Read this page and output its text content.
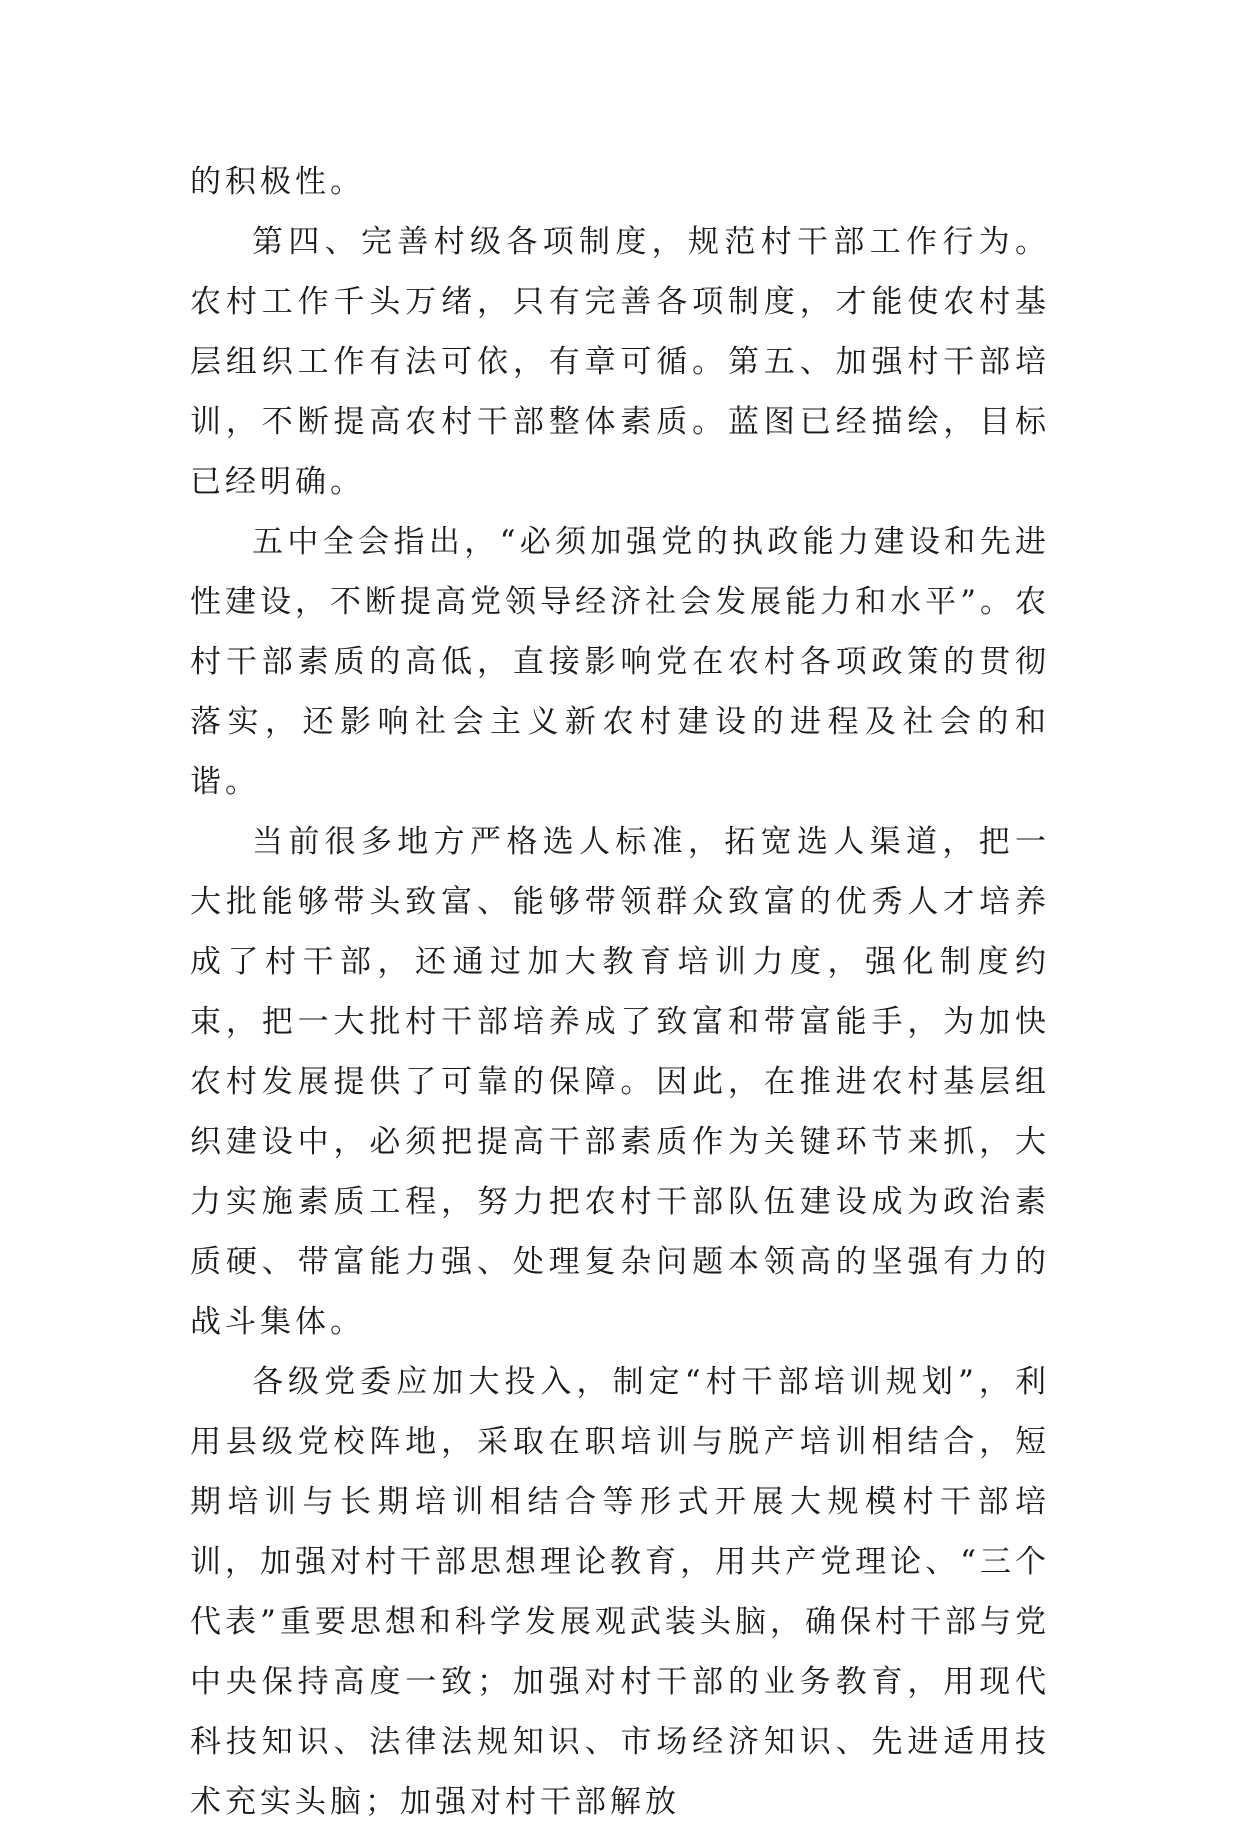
的积极性。

第四、完善村级各项制度，规范村干部工作行为。农村工作千头万绪，只有完善各项制度，才能使农村基层组织工作有法可依，有章可循。第五、加强村干部培训，不断提高农村干部整体素质。蓝图已经描绘，目标已经明确。

五中全会指出，“必须加强党的执政能力建设和先进性建设，不断提高党领导经济社会发展能力和水平”。农村干部素质的高低，直接影响党在农村各项政策的贯彻落实，还影响社会主义新农村建设的进程及社会的和谐。

当前很多地方严格选人标准，拓宽选人渠道，把一大批能够带头致富、能够带领群众致富的优秀人才培养成了村干部，还通过加大教育培训力度，强化制度约束，把一大批村干部培养成了致富和带富能手，为加快农村发展提供了可靠的保障。因此，在推进农村基层组织建设中，必须把提高干部素质作为关键环节来抓，大力实施素质工程，努力把农村干部队伍建设成为政治素质硬、带富能力强、处理复杂问题本领高的坚强有力的战斗集体。

各级党委应加大投入，制定“村干部培训规划”，利用县级党校阵地，采取在职培训与脱产培训相结合，短期培训与长期培训相结合等形式开展大规模村干部培训，加强对村干部思想理论教育，用共产党理论、“三个代表”重要思想和科学发展观武装头脑，确保村干部与党中央保持高度一致；加强对村干部的业务教育，用现代科技知识、法律法规知识、市场经济知识、先进适用技术充实头脑；加强对村干部解放
